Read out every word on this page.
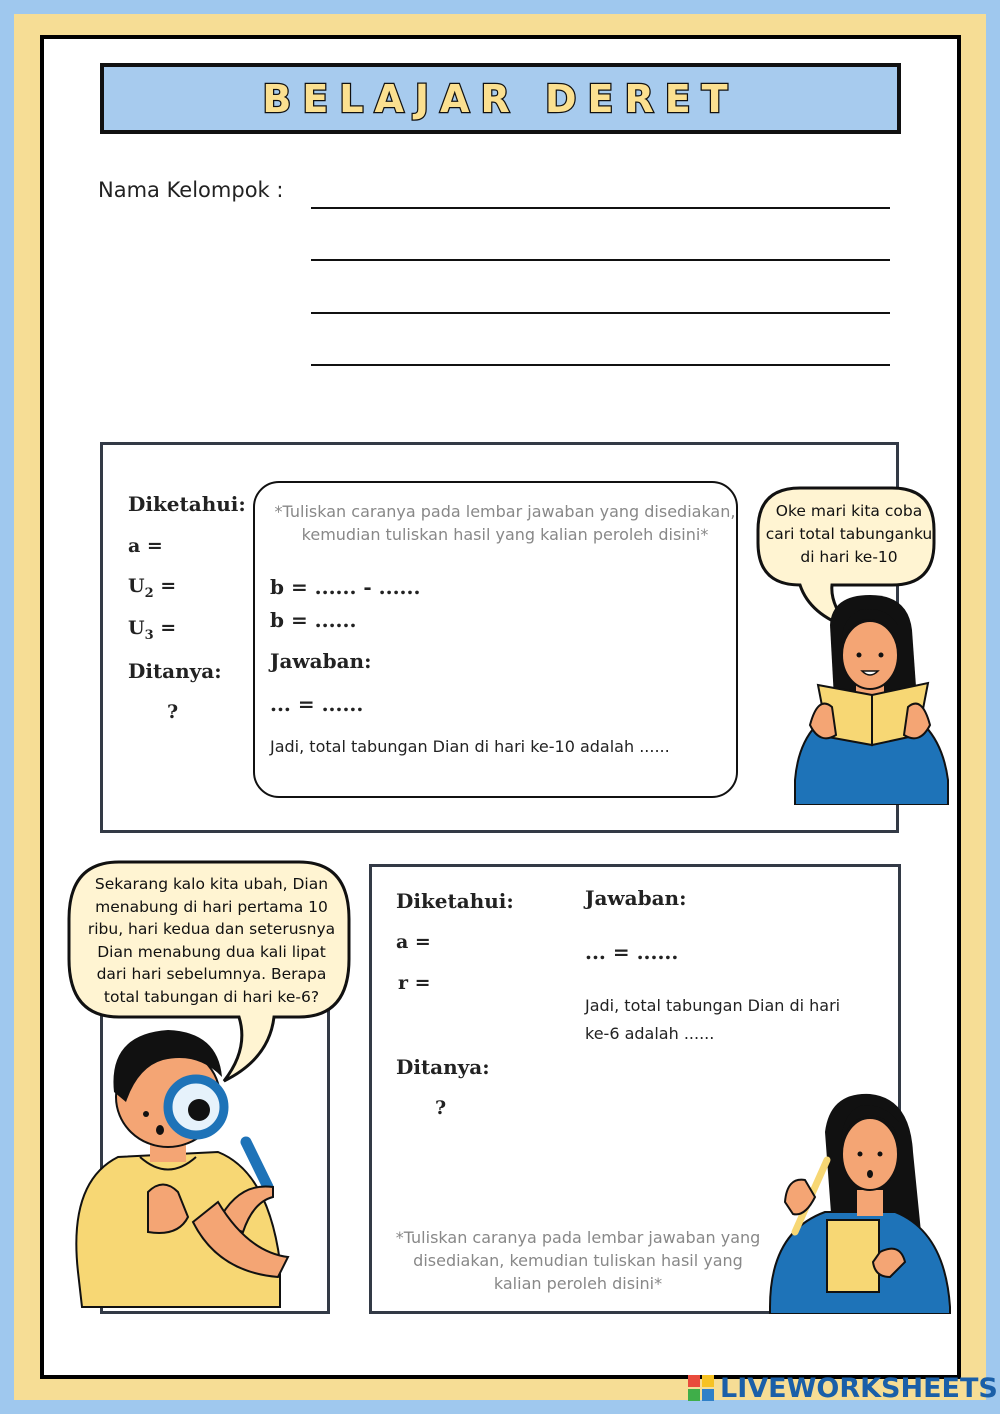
BELAJAR DERET
Nama Kelompok :
Diketahui:
a =
$U_2$ =
$U_3$ =
Ditanya:
?
*Tuliskan caranya pada lembar jawaban yang disediakan,
kemudian tuliskan hasil yang kalian peroleh disini*
b = ...... - ......
b = ......
Jawaban:
... = ......
Jadi, total tabungan Dian di hari ke-10 adalah ......
Oke mari kita coba cari total tabunganku di hari ke-10
Sekarang kalo kita ubah, Dian menabung di hari pertama 10 ribu, hari kedua dan seterusnya Dian menabung dua kali lipat dari hari sebelumnya. Berapa total tabungan di hari ke-6?
Diketahui:
a =
r =
Ditanya:
?
Jawaban:
... = ......
Jadi, total tabungan Dian di hari
ke-6 adalah ......
*Tuliskan caranya pada lembar jawaban yang
disediakan, kemudian tuliskan hasil yang
kalian peroleh disini*
LIVEWORKSHEETS
